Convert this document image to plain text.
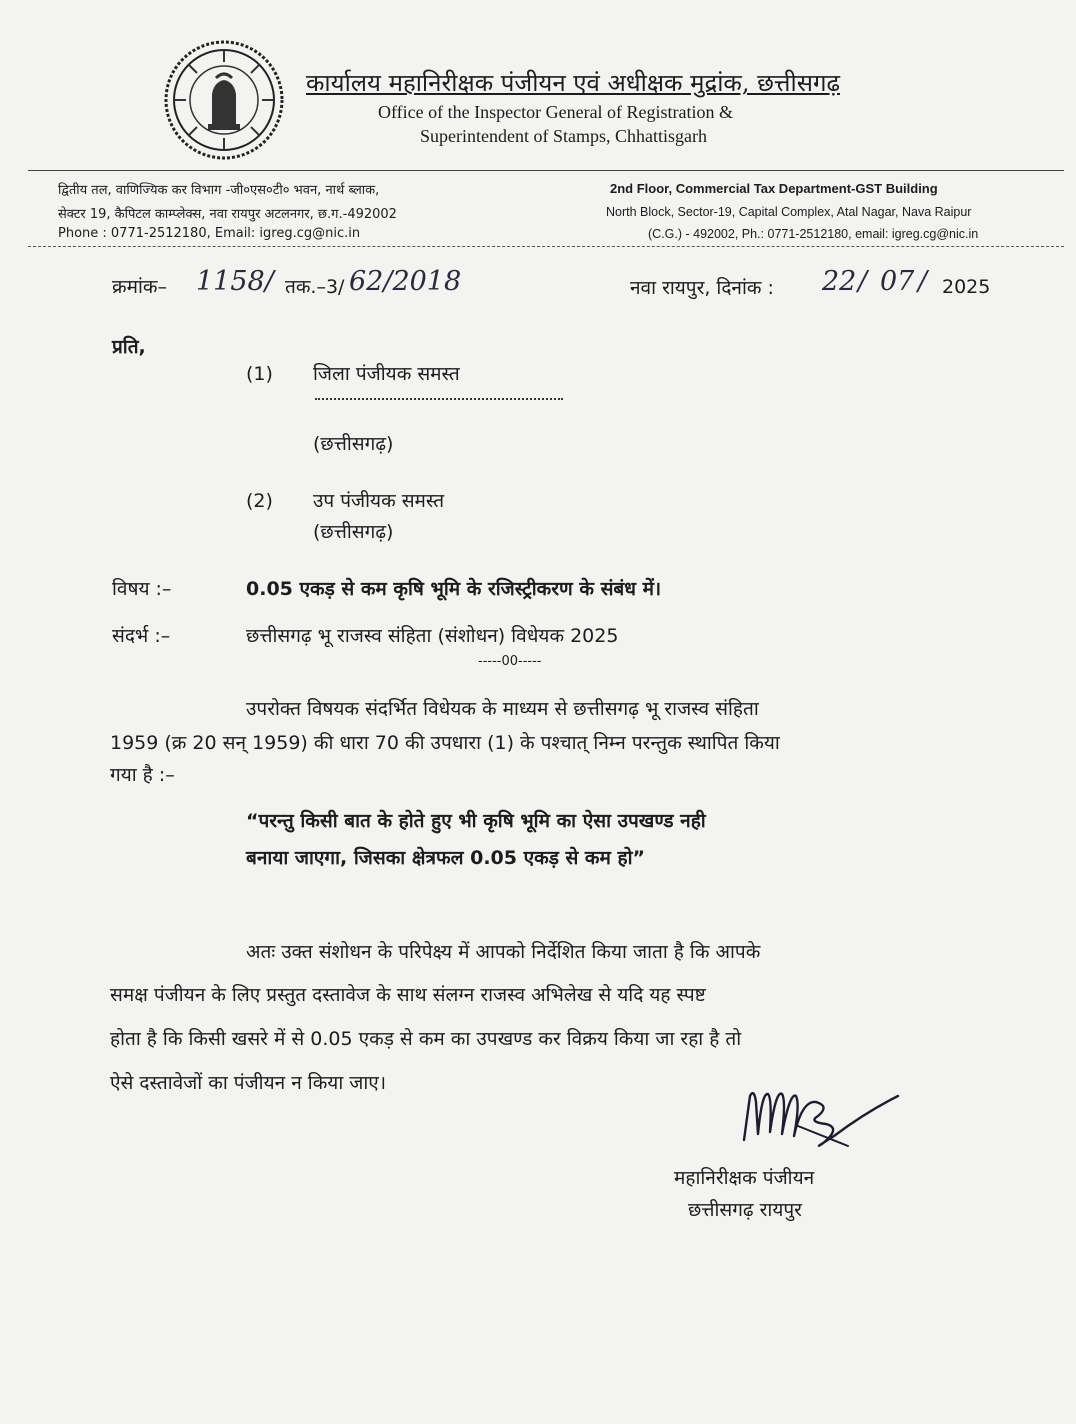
कार्यालय महानिरीक्षक पंजीयन एवं अधीक्षक मुद्रांक, छत्तीसगढ़
Office of the Inspector General of Registration &
Superintendent of Stamps, Chhattisgarh
द्वितीय तल, वाणिज्यिक कर विभाग -जी०एस०टी० भवन, नार्थ ब्लाक,
सेक्टर 19, कैपिटल काम्प्लेक्स, नवा रायपुर अटलनगर, छ.ग.-492002
Phone : 0771-2512180, Email: igreg.cg@nic.in
2nd Floor, Commercial Tax Department-GST Building
North Block, Sector-19, Capital Complex, Atal Nagar, Nava Raipur
(C.G.) - 492002, Ph.: 0771-2512180, email: igreg.cg@nic.in
क्रमांक– 1158/ तक.–3/ 62/2018	नवा रायपुर, दिनांक : 22 / 07 / 2025
प्रति,
(1) जिला पंजीयक समस्त
(छत्तीसगढ़)
(2) उप पंजीयक समस्त
(छत्तीसगढ़)
विषय :–	0.05 एकड़ से कम कृषि भूमि के रजिस्ट्रीकरण के संबंध में।
संदर्भ :–	छत्तीसगढ़ भू राजस्व संहिता (संशोधन) विधेयक 2025
-----00-----
उपरोक्त विषयक संदर्भित विधेयक के माध्यम से छत्तीसगढ़ भू राजस्व संहिता
1959 (क्र 20 सन् 1959) की धारा 70 की उपधारा (1) के पश्चात् निम्न परन्तुक स्थापित किया
गया है :–
“परन्तु किसी बात के होते हुए भी कृषि भूमि का ऐसा उपखण्ड नही
बनाया जाएगा, जिसका क्षेत्रफल 0.05 एकड़ से कम हो”
अतः उक्त संशोधन के परिपेक्ष्य में आपको निर्देशित किया जाता है कि आपके
समक्ष पंजीयन के लिए प्रस्तुत दस्तावेज के साथ संलग्न राजस्व अभिलेख से यदि यह स्पष्ट
होता है कि किसी खसरे में से 0.05 एकड़ से कम का उपखण्ड कर विक्रय किया जा रहा है तो
ऐसे दस्तावेजों का पंजीयन न किया जाए।
महानिरीक्षक पंजीयन
छत्तीसगढ़ रायपुर
